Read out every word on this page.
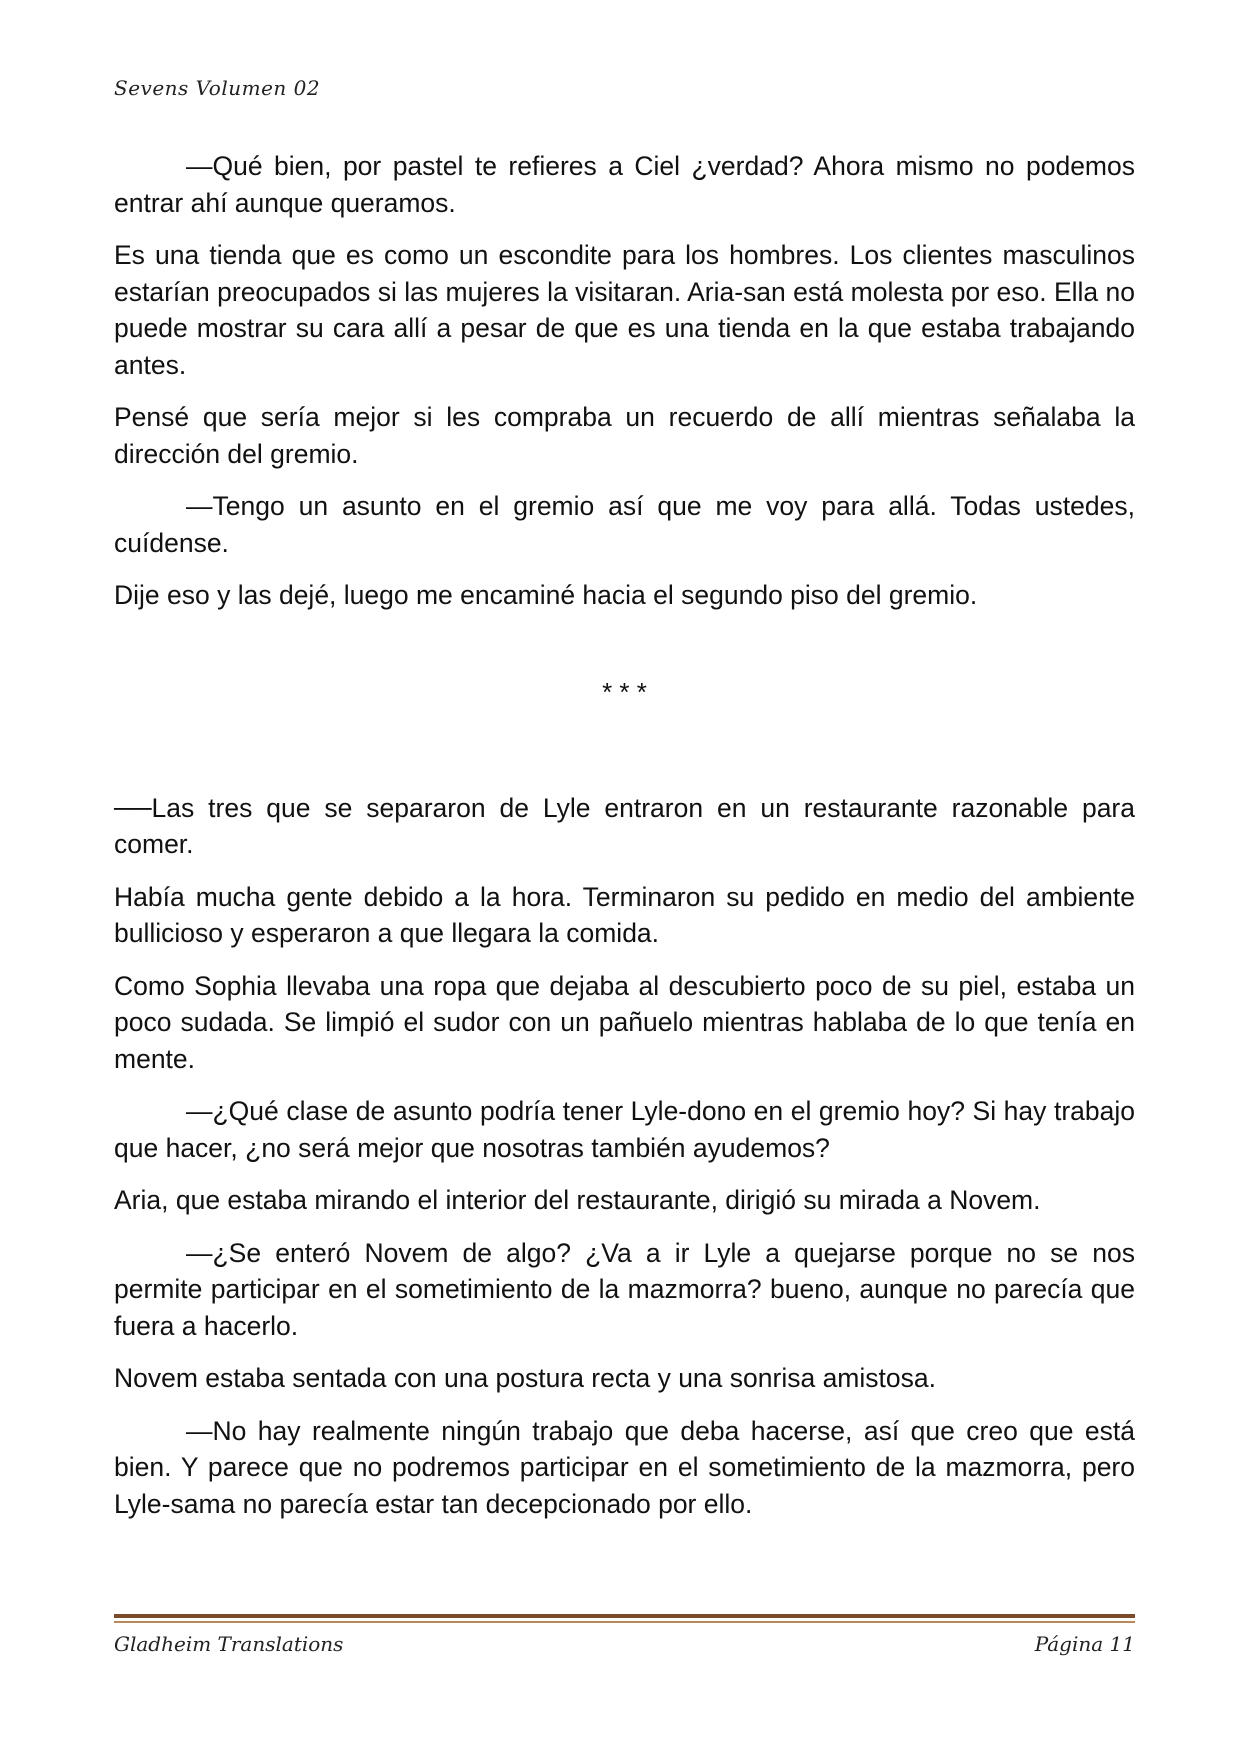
Sevens Volumen 02

—Qué bien, por pastel te refieres a Ciel ¿verdad? Ahora mismo no podemos entrar ahí aunque queramos.

Es una tienda que es como un escondite para los hombres. Los clientes masculinos estarían preocupados si las mujeres la visitaran. Aria-san está molesta por eso. Ella no puede mostrar su cara allí a pesar de que es una tienda en la que estaba trabajando antes.

Pensé que sería mejor si les compraba un recuerdo de allí mientras señalaba la dirección del gremio.

—Tengo un asunto en el gremio así que me voy para allá. Todas ustedes, cuídense.

Dije eso y las dejé, luego me encaminé hacia el segundo piso del gremio.

* * *

──Las tres que se separaron de Lyle entraron en un restaurante razonable para comer.

Había mucha gente debido a la hora. Terminaron su pedido en medio del ambiente bullicioso y esperaron a que llegara la comida.

Como Sophia llevaba una ropa que dejaba al descubierto poco de su piel, estaba un poco sudada. Se limpió el sudor con un pañuelo mientras hablaba de lo que tenía en mente.

—¿Qué clase de asunto podría tener Lyle-dono en el gremio hoy? Si hay trabajo que hacer, ¿no será mejor que nosotras también ayudemos?

Aria, que estaba mirando el interior del restaurante, dirigió su mirada a Novem.

—¿Se enteró Novem de algo? ¿Va a ir Lyle a quejarse porque no se nos permite participar en el sometimiento de la mazmorra? bueno, aunque no parecía que fuera a hacerlo.

Novem estaba sentada con una postura recta y una sonrisa amistosa.

—No hay realmente ningún trabajo que deba hacerse, así que creo que está bien. Y parece que no podremos participar en el sometimiento de la mazmorra, pero Lyle-sama no parecía estar tan decepcionado por ello.

Gladheim Translations	Página 11
